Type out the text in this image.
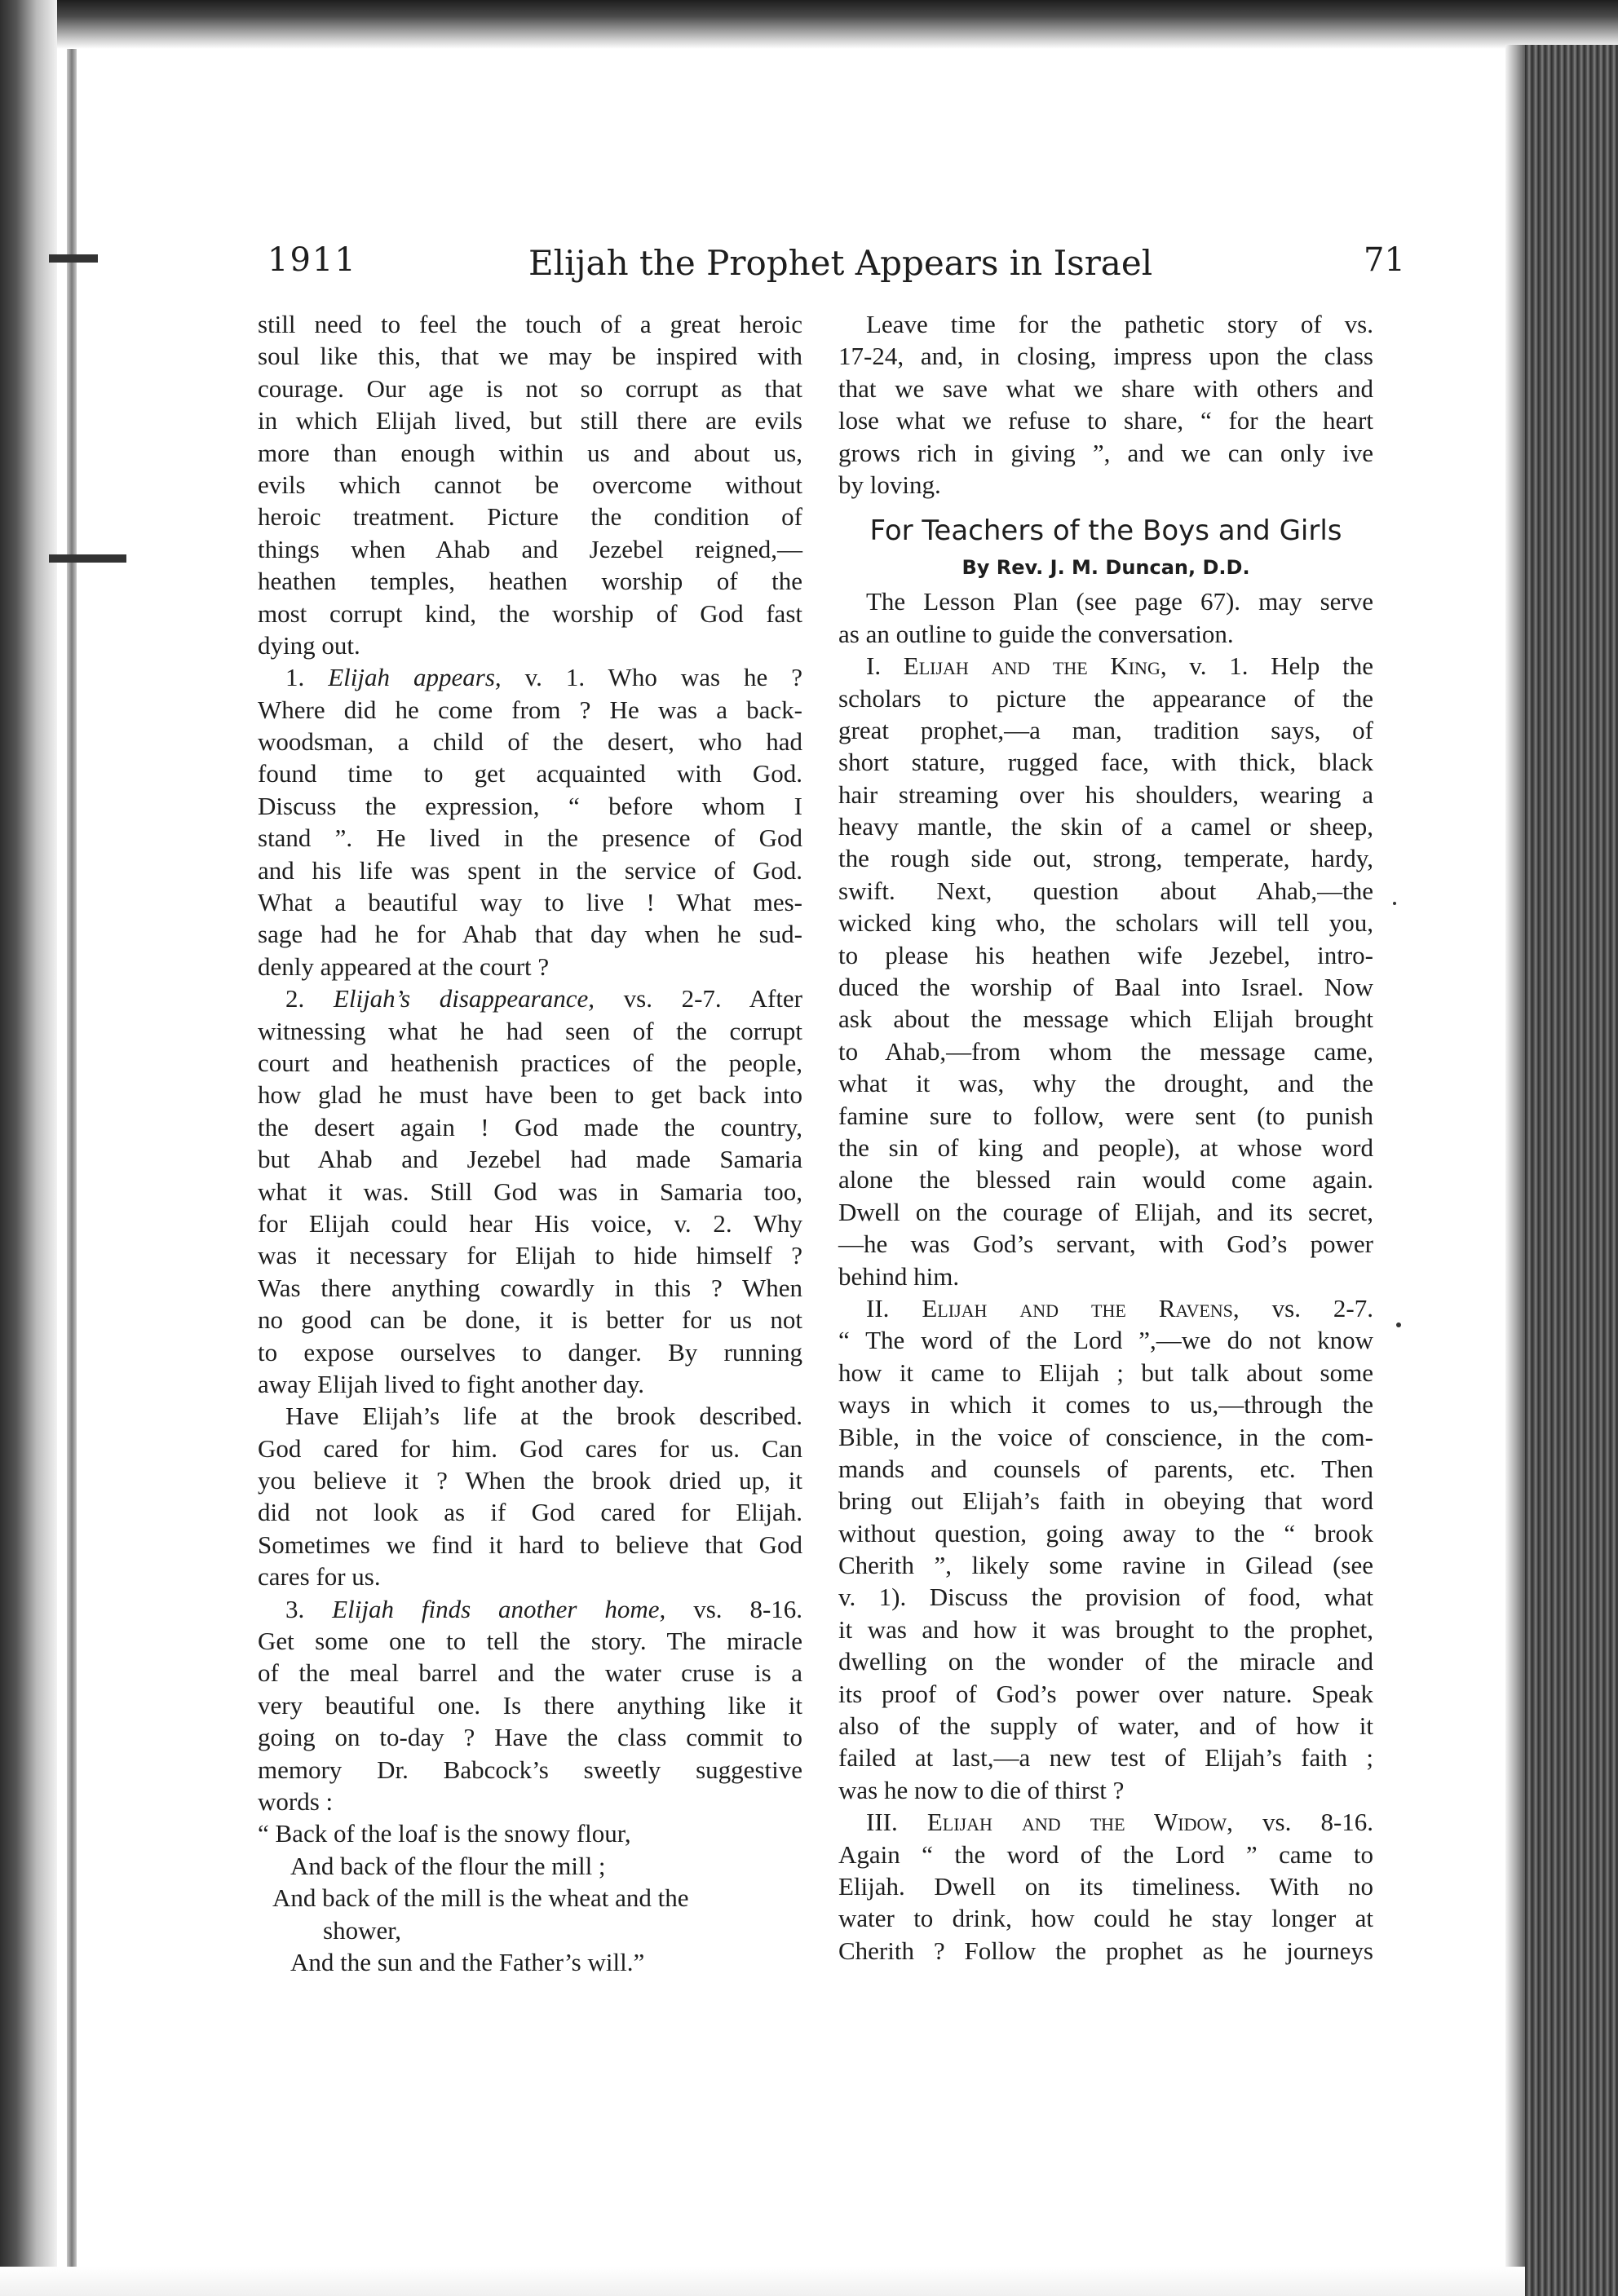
1911	Elijah the Prophet Appears in Israel	71
still need to feel the touch of a great heroic
soul like this, that we may be inspired with
courage. Our age is not so corrupt as that
in which Elijah lived, but still there are evils
more than enough within us and about us,
evils which cannot be overcome without
heroic treatment. Picture the condition of
things when Ahab and Jezebel reigned,—
heathen temples, heathen worship of the
most corrupt kind, the worship of God fast
dying out.
1. Elijah appears, v. 1. Who was he ?
Where did he come from ? He was a back-
woodsman, a child of the desert, who had
found time to get acquainted with God.
Discuss the expression, “ before whom I
stand ”. He lived in the presence of God
and his life was spent in the service of God.
What a beautiful way to live ! What mes-
sage had he for Ahab that day when he sud-
denly appeared at the court ?
2. Elijah’s disappearance, vs. 2-7. After
witnessing what he had seen of the corrupt
court and heathenish practices of the people,
how glad he must have been to get back into
the desert again ! God made the country,
but Ahab and Jezebel had made Samaria
what it was. Still God was in Samaria too,
for Elijah could hear His voice, v. 2. Why
was it necessary for Elijah to hide himself ?
Was there anything cowardly in this ? When
no good can be done, it is better for us not
to expose ourselves to danger. By running
away Elijah lived to fight another day.
Have Elijah’s life at the brook described.
God cared for him. God cares for us. Can
you believe it ? When the brook dried up, it
did not look as if God cared for Elijah.
Sometimes we find it hard to believe that God
cares for us.
3. Elijah finds another home, vs. 8-16.
Get some one to tell the story. The miracle
of the meal barrel and the water cruse is a
very beautiful one. Is there anything like it
going on to-day ? Have the class commit to
memory Dr. Babcock’s sweetly suggestive
words :
“ Back of the loaf is the snowy flour,
And back of the flour the mill ;
And back of the mill is the wheat and the
shower,
And the sun and the Father’s will.”
Leave time for the pathetic story of vs.
17-24, and, in closing, impress upon the class
that we save what we share with others and
lose what we refuse to share, “ for the heart
grows rich in giving ”, and we can only ive
by loving.
For Teachers of the Boys and Girls
By Rev. J. M. Duncan, D.D.
The Lesson Plan (see page 67). may serve
as an outline to guide the conversation.
I. Elijah and the King, v. 1. Help the
scholars to picture the appearance of the
great prophet,—a man, tradition says, of
short stature, rugged face, with thick, black
hair streaming over his shoulders, wearing a
heavy mantle, the skin of a camel or sheep,
the rough side out, strong, temperate, hardy,
swift. Next, question about Ahab,—the
wicked king who, the scholars will tell you,
to please his heathen wife Jezebel, intro-
duced the worship of Baal into Israel. Now
ask about the message which Elijah brought
to Ahab,—from whom the message came,
what it was, why the drought, and the
famine sure to follow, were sent (to punish
the sin of king and people), at whose word
alone the blessed rain would come again.
Dwell on the courage of Elijah, and its secret,
—he was God’s servant, with God’s power
behind him.
II. Elijah and the Ravens, vs. 2-7.
“ The word of the Lord ”,—we do not know
how it came to Elijah ; but talk about some
ways in which it comes to us,—through the
Bible, in the voice of conscience, in the com-
mands and counsels of parents, etc. Then
bring out Elijah’s faith in obeying that word
without question, going away to the “ brook
Cherith ”, likely some ravine in Gilead (see
v. 1). Discuss the provision of food, what
it was and how it was brought to the prophet,
dwelling on the wonder of the miracle and
its proof of God’s power over nature. Speak
also of the supply of water, and of how it
failed at last,—a new test of Elijah’s faith ;
was he now to die of thirst ?
III. Elijah and the Widow, vs. 8-16.
Again “ the word of the Lord ” came to
Elijah. Dwell on its timeliness. With no
water to drink, how could he stay longer at
Cherith ? Follow the prophet as he journeys
